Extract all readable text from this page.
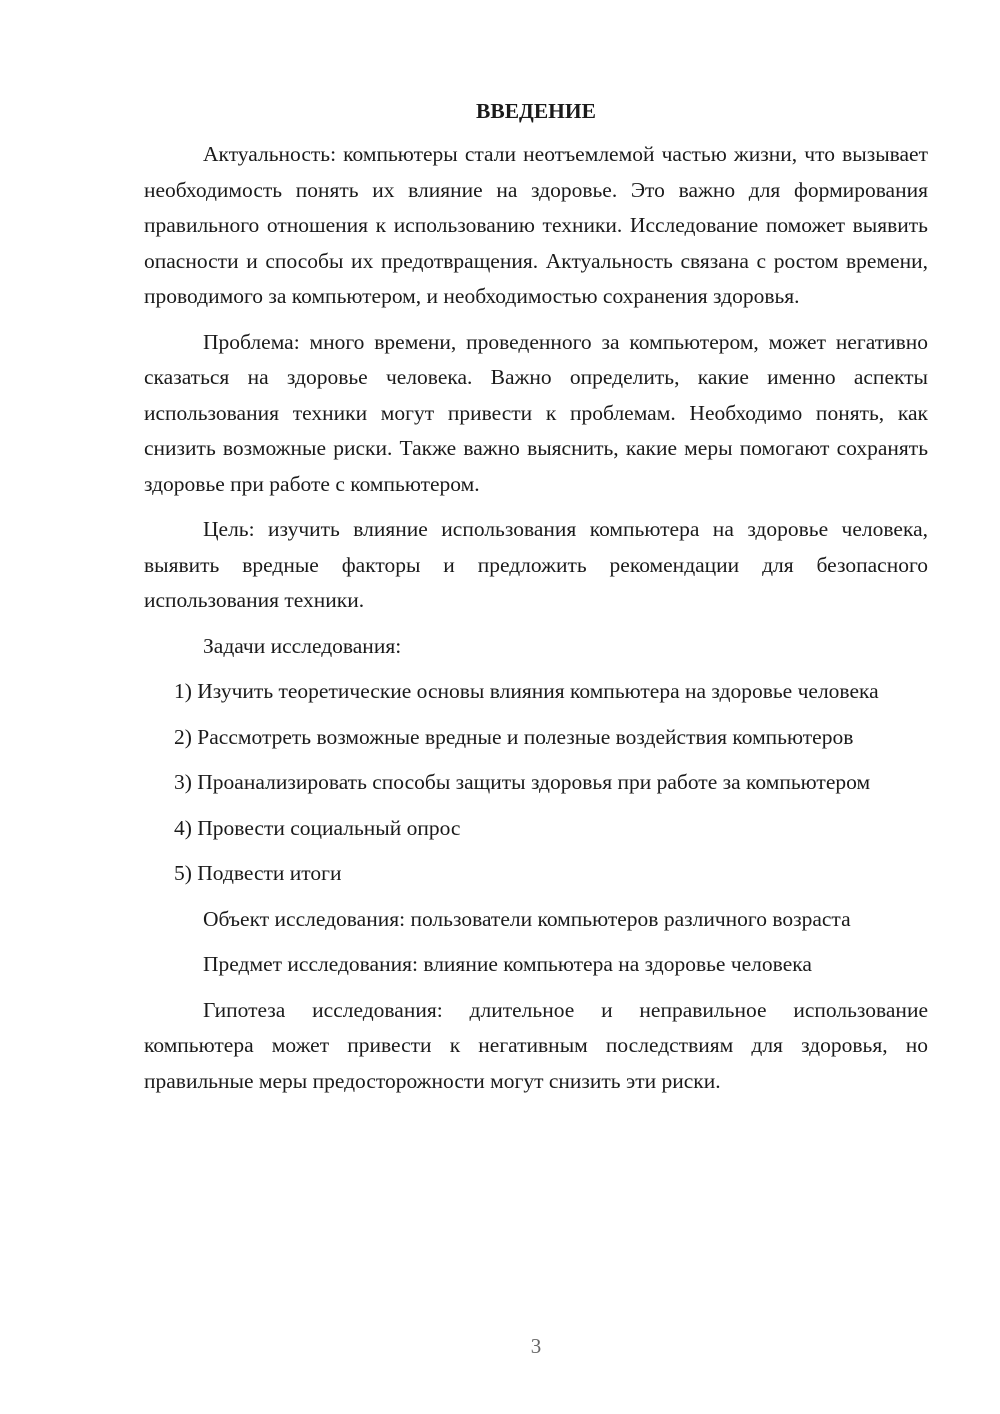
ВВЕДЕНИЕ

Актуальность: компьютеры стали неотъемлемой частью жизни, что вызывает необходимость понять их влияние на здоровье. Это важно для формирования правильного отношения к использованию техники. Исследование поможет выявить опасности и способы их предотвращения. Актуальность связана с ростом времени, проводимого за компьютером, и необходимостью сохранения здоровья.

Проблема: много времени, проведенного за компьютером, может негативно сказаться на здоровье человека. Важно определить, какие именно аспекты использования техники могут привести к проблемам. Необходимо понять, как снизить возможные риски. Также важно выяснить, какие меры помогают сохранять здоровье при работе с компьютером.

Цель: изучить влияние использования компьютера на здоровье человека, выявить вредные факторы и предложить рекомендации для безопасного использования техники.

Задачи исследования:

1) Изучить теоретические основы влияния компьютера на здоровье человека

2) Рассмотреть возможные вредные и полезные воздействия компьютеров

3) Проанализировать способы защиты здоровья при работе за компьютером

4) Провести социальный опрос

5) Подвести итоги

Объект исследования: пользователи компьютеров различного возраста

Предмет исследования: влияние компьютера на здоровье человека

Гипотеза исследования: длительное и неправильное использование компьютера может привести к негативным последствиям для здоровья, но правильные меры предосторожности могут снизить эти риски.

3
